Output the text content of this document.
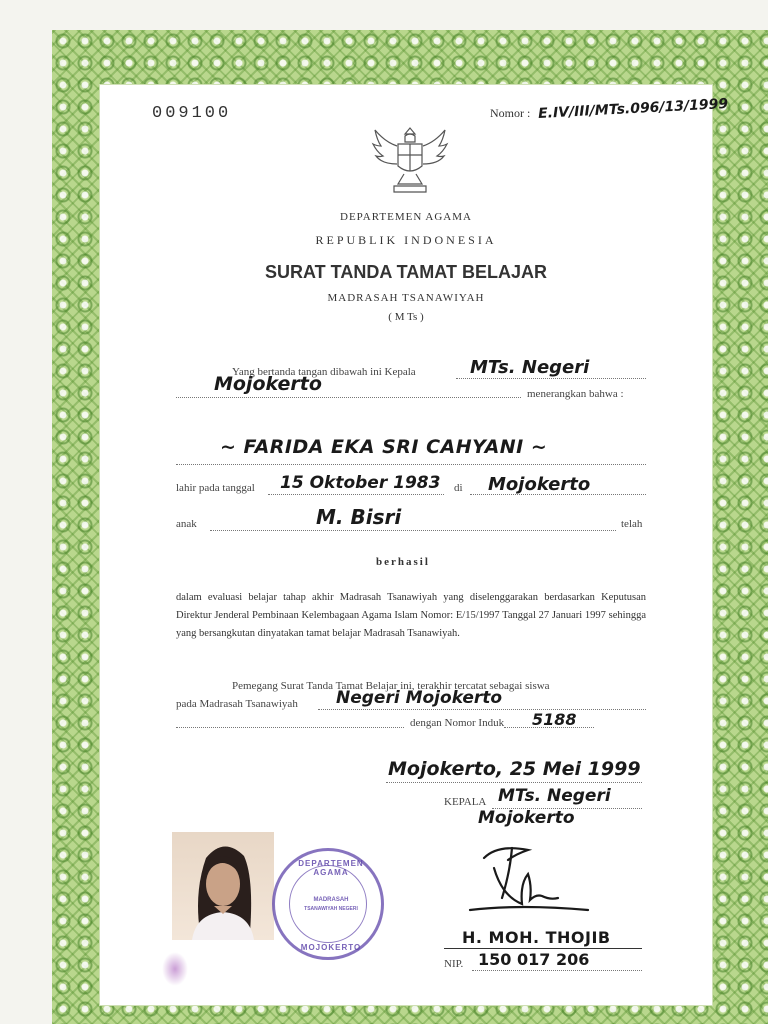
009100	Nomor : E.IV/III/MTs.096/13/1999
DEPARTEMEN AGAMA
REPUBLIK INDONESIA
SURAT TANDA TAMAT BELAJAR
MADRASAH TSANAWIYAH
( M Ts )
Yang bertanda tangan dibawah ini Kepala	MTs. Negeri
Mojokerto	menerangkan bahwa :
~ FARIDA EKA SRI CAHYANI ~
lahir pada tanggal 15 Oktober 1983 di Mojokerto
anak	M. Bisri	telah
berhasil
dalam evaluasi belajar tahap akhir Madrasah Tsanawiyah yang diselenggarakan berdasarkan Keputusan Direktur Jenderal Pembinaan Kelembagaan Agama Islam Nomor: E/15/1997 Tanggal 27 Januari 1997 sehingga yang bersangkutan dinyatakan tamat belajar Madrasah Tsanawiyah.
Pemegang Surat Tanda Tamat Belajar ini, terakhir tercatat sebagai siswa
pada Madrasah Tsanawiyah Negeri Mojokerto
dengan Nomor Induk 5188
Mojokerto, 25 Mei 1999
KEPALA MTs. Negeri
Mojokerto
H. MOH. THOJIB
NIP. 150 017 206
DEPARTEMEN AGAMA
MADRASAH
TSANAWIYAH NEGERI
MOJOKERTO
